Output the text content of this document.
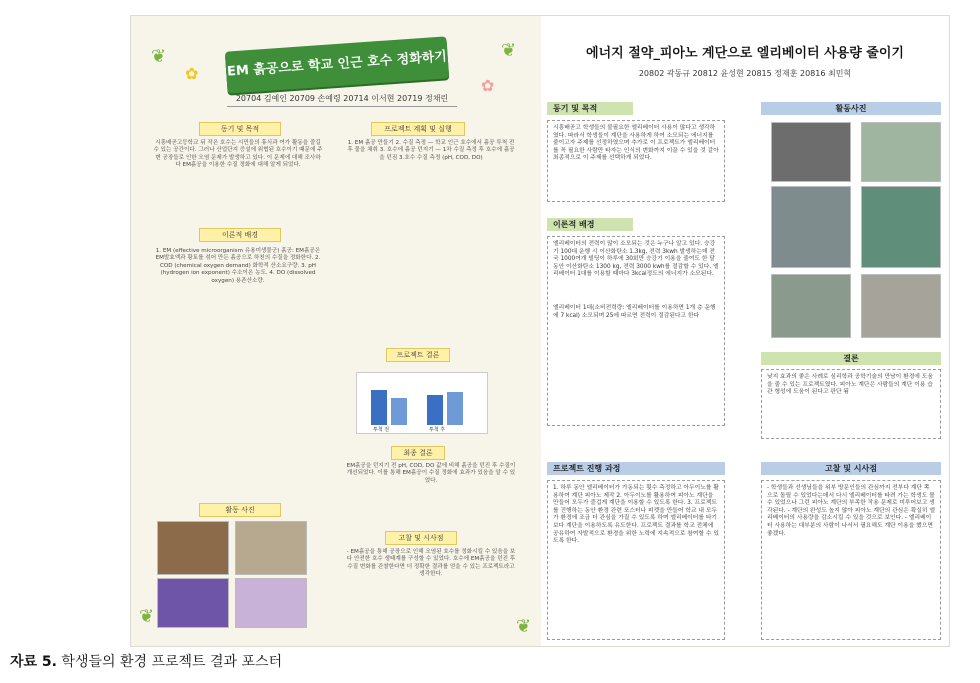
❦	❦
✿
✿
❦	❦
EM 흙공으로 학교 인근 호수 정화하기
20704 김예인 20709 손예령 20714 이서현 20719 정채린
동기 및 목적
시흥배곧고등학교 뒤 작은 호수는 시민들의 휴식과 여가 활동을 즐길 수 있는 공간이다. 그러나 산업단지 증설에 위협된 호수이기 때문에 주변 공장들로 인한 오염 문제가 발생하고 있다. 이 문제에 대해 조사하다 EM흙공을 이용한 수질 정화에 대해 알게 되었다.
이론적 배경
1. EM (effective microorganism 유용미생물군) 흙공: EM흙공은 EM발효액과 황토를 섞어 만든 흙공으로 하천의 수질을 정화한다. 2. COD (chemical oxygen demand) 화학적 산소요구량. 3. pH (hydrogen ion exponent) 수소이온 농도. 4. DO (dissolved oxygen) 용존산소량.
활동 사진
프로젝트 계획 및 실행
1. EM 흙공 만들기 2. 수질 측정 — 학교 인근 호수에서 흙공 투척 전후 물을 채취 3. 호수에 흙공 던지기 — 1차 수질 측정 후 호수에 흙공을 던짐 3.호수 수질 측정 (pH, COD, DO)
프로젝트 결론
투척 전	투척 후
최종 결론
EM흙공을 던지기 전 pH, COD, DO 값에 비해 흙공을 던진 후 수질이 개선되었다. 이를 통해 EM흙공이 수질 정화에 효과가 있음을 알 수 있었다.
고찰 및 시사점
- EM흙공을 통해 공장으로 인해 오염된 호수를 정화시킬 수 있음을 보다 안전한 호수 생태계를 구성할 수 있었다. 호수에 EM흙공을 던진 후 수질 변화를 관찰한다면 더 정확한 결과를 얻을 수 있는 프로젝트라고 생각한다.
에너지 절약_피아노 계단으로 엘리베이터 사용량 줄이기
20802 곽동규 20812 윤성현 20815 정재훈 20816 최민혁
동기 및 목적
시흥배곧고 학생들의 불필요한 엘리베이터 사용이 많다고 생각하였다. 따라서 학생들이 계단을 사용하게 하여 소모되는 에너지를 줄이고자 주제를 선정하였으며 추가로 이 프로젝트가 엘리베이터를 꼭 필요한 사람만 타자는 인식의 변화까지 이끌 수 있을 것 같아 최종적으로 이 주제를 선택하게 되었다.
이론적 배경
엘리베이터의 전력이 많이 소모되는 것은 누구나 알고 있다. 승강기 100대 운행 시 이산화탄소 1.3kg, 전력 3kwh 발생하는데 전국 1000여개 빌딩이 하루에 30회만 승강기 이용을 줄여도 한 달 동안 이산화탄소 1300 kg, 전력 3000 kwh를 절감할 수 있다. 엘리베이터 1대를 이용할 때마다 3kcal정도의 에너지가 소모된다.
엘리베이터 1대(소비전력량: 엘리베이터를 이용하면 1개 층 운행에 7 kcal) 소모되며 25에 따르면 전력이 절감된다고 한다
프로젝트 진행 과정
1. 하루 동안 엘리베이터가 가동되는 횟수 측정하고 아두이노를 활용하여 계단 피아노 제작 2. 아두이노를 활용하여 피아노 계단을 만들어 모두가 즐겁게 계단을 이용할 수 있도록 한다. 3. 프로젝트를 진행하는 동안 환경 관련 포스터나 피켓을 만들어 학교 내 모두가 환경에 조금 더 관심을 가질 수 있도록 하며 엘리베이터를 타기보다 계단을 이용하도록 유도한다. 프로젝트 결과를 학교 전체에 공유하여 자발적으로 환경을 위한 노력에 지속적으로 참여할 수 있도록 한다.
활동사진
결론
낮지 효과의 좋은 사례로 심리학과 공학기술의 만남이 환경에 도움을 줄 수 있는 프로젝트였다. 피아노 계단은 사람들의 계단 이용 습관 형성에 도움이 된다고 판단 됨
고찰 및 시사점
- 학생들과 선생님들을 위부 방문인들의 관심까지 전부다 계단 쪽으로 돌릴 수 있었다는데서 다시 엘리베이터를 타려 가는 학생도 볼 수 있었으나 그런 피아노 계단의 부족한 작용 문제로 미루어보고 생각된다. - 계단의 완성도 높지 않아 피아노 계단의 관심은 확실히 엘리베이터의 사용량을 감소시킬 수 있을 것으로 보인다. - 엘리베이터 사용하는 대부분의 사람이 나서서 필요해도 계단 이용을 했으면 좋겠다.
자료 5. 학생들의 환경 프로젝트 결과 포스터
